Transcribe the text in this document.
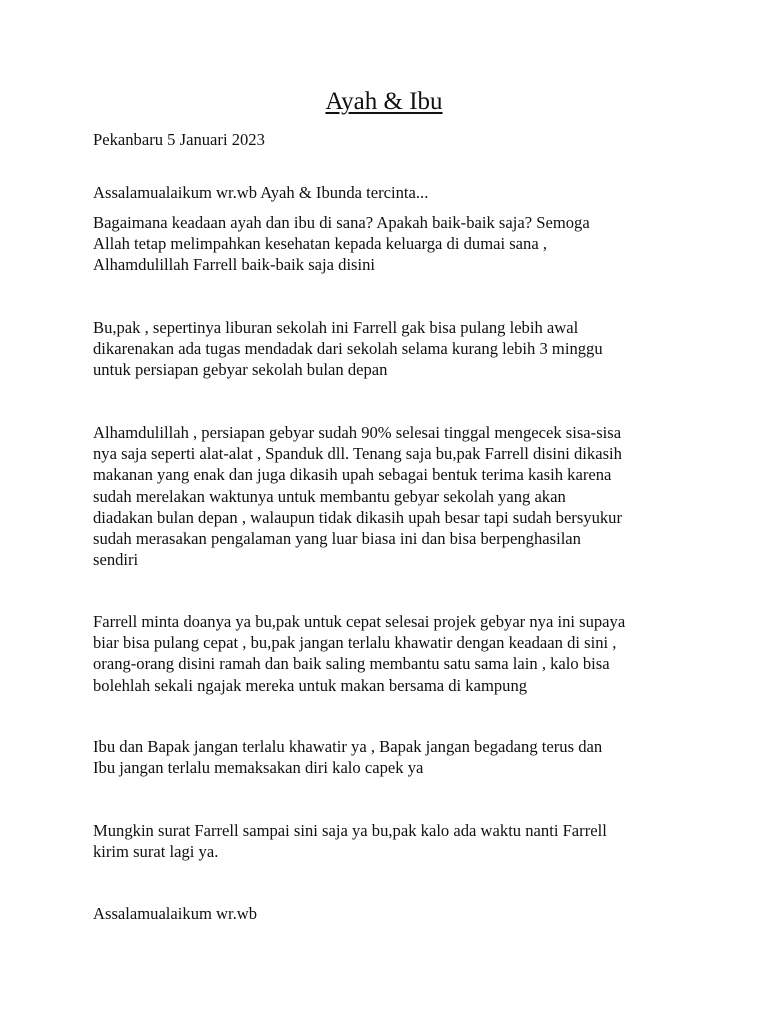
Ayah & Ibu

Pekanbaru 5 Januari 2023

Assalamualaikum wr.wb Ayah & Ibunda tercinta...

Bagaimana keadaan ayah dan ibu di sana? Apakah baik-baik saja? Semoga
Allah tetap melimpahkan kesehatan kepada keluarga di dumai sana ,
Alhamdulillah Farrell baik-baik saja disini

Bu,pak , sepertinya liburan sekolah ini Farrell gak bisa pulang lebih awal
dikarenakan ada tugas mendadak dari sekolah selama kurang lebih 3 minggu
untuk persiapan gebyar sekolah bulan depan

Alhamdulillah , persiapan gebyar sudah 90% selesai tinggal mengecek sisa-sisa
nya saja seperti alat-alat , Spanduk dll. Tenang saja bu,pak Farrell disini dikasih
makanan yang enak dan juga dikasih upah sebagai bentuk terima kasih karena
sudah merelakan waktunya untuk membantu gebyar sekolah yang akan
diadakan bulan depan , walaupun tidak dikasih upah besar tapi sudah bersyukur
sudah merasakan pengalaman yang luar biasa ini dan bisa berpenghasilan
sendiri

Farrell minta doanya ya bu,pak untuk cepat selesai projek gebyar nya ini supaya
biar bisa pulang cepat , bu,pak jangan terlalu khawatir dengan keadaan di sini ,
orang-orang disini ramah dan baik saling membantu satu sama lain , kalo bisa
bolehlah sekali ngajak mereka untuk makan bersama di kampung

Ibu dan Bapak jangan terlalu khawatir ya , Bapak jangan begadang terus dan
Ibu jangan terlalu memaksakan diri kalo capek ya

Mungkin surat Farrell sampai sini saja ya bu,pak kalo ada waktu nanti Farrell
kirim surat lagi ya.

Assalamualaikum wr.wb
